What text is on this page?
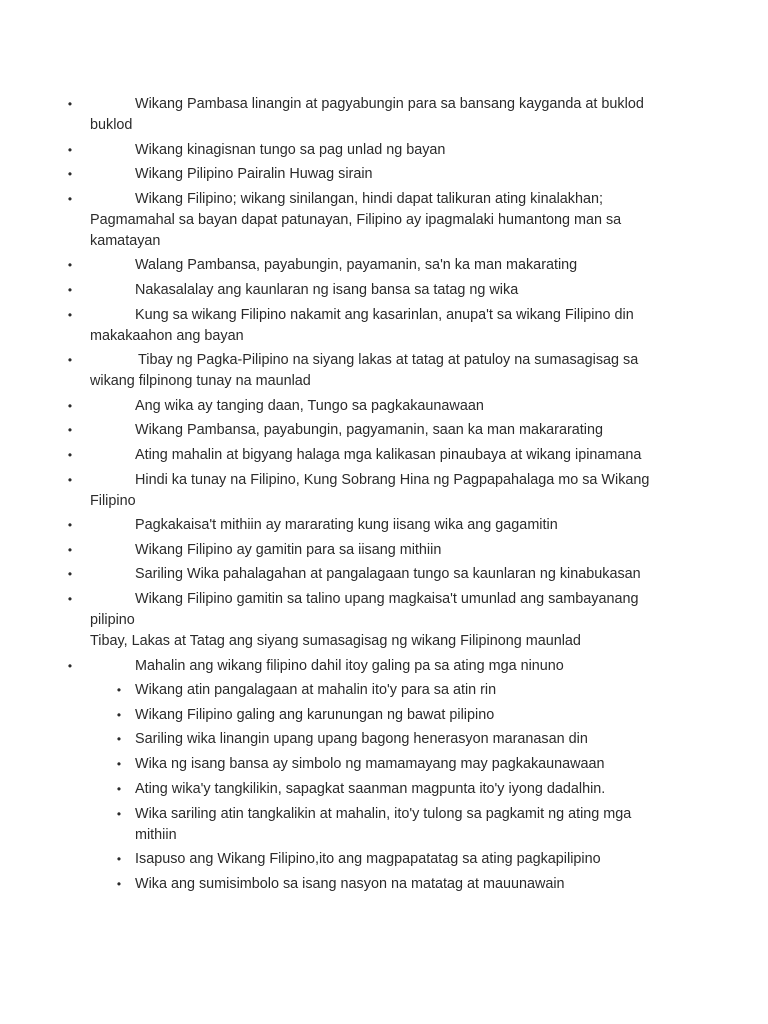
•	Wikang Pambasa linangin at pagyabungin para sa bansang kayganda at buklod buklod
•	Wikang kinagisnan tungo sa pag unlad ng bayan
•	Wikang Pilipino Pairalin Huwag sirain
•	Wikang Filipino; wikang sinilangan, hindi dapat talikuran ating kinalakhan; Pagmamahal sa bayan dapat patunayan, Filipino ay ipagmalaki humantong man sa kamatayan
•	Walang Pambansa, payabungin, payamanin, sa'n ka man makarating
•	Nakasalalay ang kaunlaran ng isang bansa sa tatag ng wika
•	Kung sa wikang Filipino nakamit ang kasarinlan, anupa't sa wikang Filipino din makakaahon ang bayan
•	Tibay ng Pagka-Pilipino na siyang lakas at tatag at patuloy na sumasagisag sa wikang filpinong tunay na maunlad
•	Ang wika ay tanging daan, Tungo sa pagkakaunawaan
•	Wikang Pambansa, payabungin, pagyamanin, saan ka man makararating
•	Ating mahalin at bigyang halaga mga kalikasan pinaubaya at wikang ipinamana
•	Hindi ka tunay na Filipino, Kung Sobrang Hina ng Pagpapahalaga mo sa Wikang Filipino
•	Pagkakaisa't mithiin ay mararating kung iisang wika ang gagamitin
•	Wikang Filipino ay gamitin para sa iisang mithiin
•	Sariling Wika pahalagahan at pangalagaan tungo sa kaunlaran ng kinabukasan
•	Wikang Filipino gamitin sa talino upang magkaisa't umunlad ang sambayanang pilipino
Tibay, Lakas at Tatag ang siyang sumasagisag ng wikang Filipinong maunlad
•	Mahalin ang wikang filipino dahil itoy galing pa sa ating mga ninuno
• Wikang atin pangalagaan at mahalin ito'y para sa atin rin
• Wikang Filipino galing ang karunungan ng bawat pilipino
• Sariling wika linangin upang upang bagong henerasyon maranasan din
• Wika ng isang bansa ay simbolo ng mamamayang may pagkakaunawaan
• Ating wika'y tangkilikin, sapagkat saanman magpunta ito'y iyong dadalhin.
• Wika sariling atin tangkalikin at mahalin, ito'y tulong sa pagkamit ng ating mga mithiin
• Isapuso ang Wikang Filipino,ito ang magpapatatag sa ating pagkapilipino
• Wika ang sumisimbolo sa isang nasyon na matatag at mauunawain
